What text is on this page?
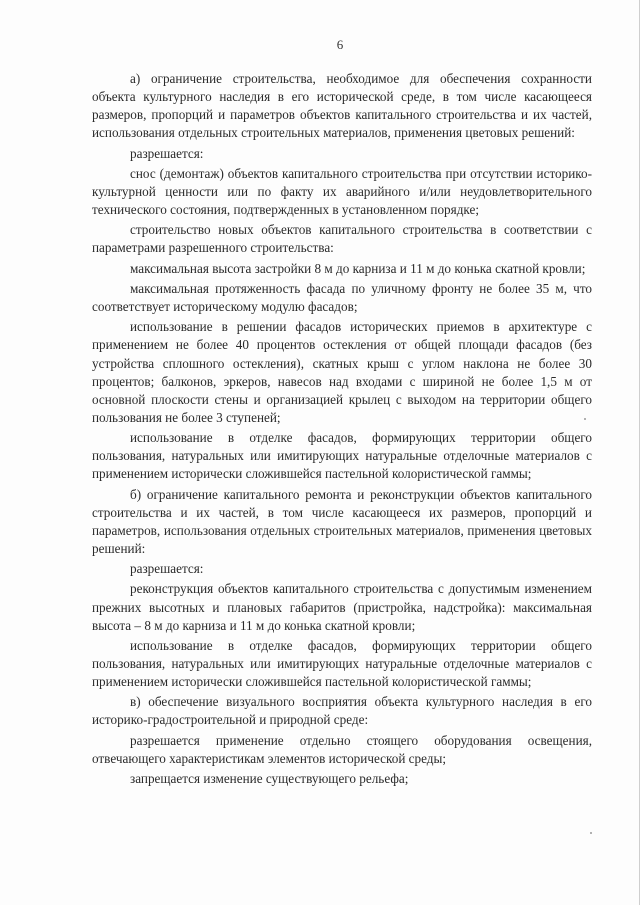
6

а) ограничение строительства, необходимое для обеспечения сохранности объекта культурного наследия в его исторической среде, в том числе касающееся размеров, пропорций и параметров объектов капитального строительства и их частей, использования отдельных строительных материалов, применения цветовых решений:

разрешается:

снос (демонтаж) объектов капитального строительства при отсутствии историко-культурной ценности или по факту их аварийного и/или неудовлетворительного технического состояния, подтвержденных в установленном порядке;

строительство новых объектов капитального строительства в соответствии с параметрами разрешенного строительства:

максимальная высота застройки 8 м до карниза и 11 м до конька скатной кровли;

максимальная протяженность фасада по уличному фронту не более 35 м, что соответствует историческому модулю фасадов;

использование в решении фасадов исторических приемов в архитектуре с применением не более 40 процентов остекления от общей площади фасадов (без устройства сплошного остекления), скатных крыш с углом наклона не более 30 процентов; балконов, эркеров, навесов над входами с шириной не более 1,5 м от основной плоскости стены и организацией крылец с выходом на территории общего пользования не более 3 ступеней;

использование в отделке фасадов, формирующих территории общего пользования, натуральных или имитирующих натуральные отделочные материалов с применением исторически сложившейся пастельной колористической гаммы;

б) ограничение капитального ремонта и реконструкции объектов капитального строительства и их частей, в том числе касающееся их размеров, пропорций и параметров, использования отдельных строительных материалов, применения цветовых решений:

разрешается:

реконструкция объектов капитального строительства с допустимым изменением прежних высотных и плановых габаритов (пристройка, надстройка): максимальная высота – 8 м до карниза и 11 м до конька скатной кровли;

использование в отделке фасадов, формирующих территории общего пользования, натуральных или имитирующих натуральные отделочные материалов с применением исторически сложившейся пастельной колористической гаммы;

в) обеспечение визуального восприятия объекта культурного наследия в его историко-градостроительной и природной среде:

разрешается применение отдельно стоящего оборудования освещения, отвечающего характеристикам элементов исторической среды;

запрещается изменение существующего рельефа;
